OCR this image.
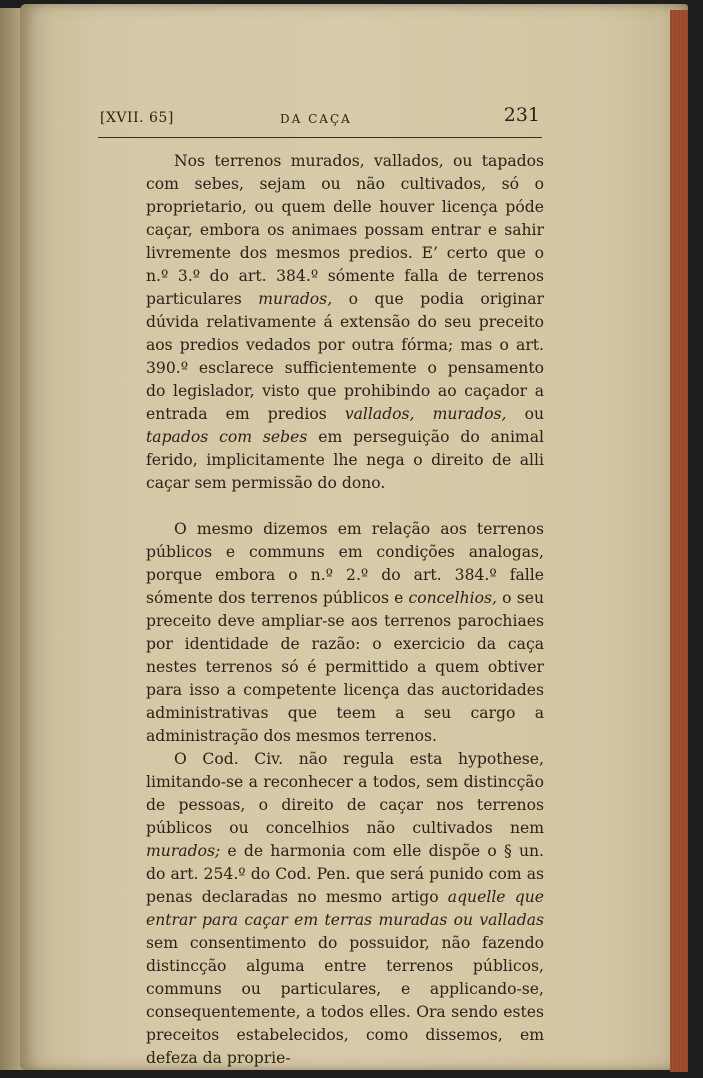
[XVII. 65]	DA CAÇA	231

Nos terrenos murados, vallados, ou tapados com sebes, sejam ou não cultivados, só o proprietario, ou quem delle houver licença póde caçar, embora os animaes possam entrar e sahir livremente dos mesmos predios. E’ certo que o n.º 3.º do art. 384.º sómente falla de terrenos particulares murados, o que podia originar dúvida relativamente á extensão do seu preceito aos predios vedados por outra fórma; mas o art. 390.º esclarece sufficientemente o pensamento do legislador, visto que prohibindo ao caçador a entrada em predios vallados, murados, ou tapados com sebes em perseguição do animal ferido, implicitamente lhe nega o direito de alli caçar sem permissão do dono.

O mesmo dizemos em relação aos terrenos públicos e communs em condições analogas, porque embora o n.º 2.º do art. 384.º falle sómente dos terrenos públicos e concelhios, o seu preceito deve ampliar-se aos terrenos parochiaes por identidade de razão: o exercicio da caça nestes terrenos só é permittido a quem obtiver para isso a competente licença das auctoridades administrativas que teem a seu cargo a administração dos mesmos terrenos.

O Cod. Civ. não regula esta hypothese, limitando-se a reconhecer a todos, sem distincção de pessoas, o direito de caçar nos terrenos públicos ou concelhios não cultivados nem murados; e de harmonia com elle dispõe o § un. do art. 254.º do Cod. Pen. que será punido com as penas declaradas no mesmo artigo aquelle que entrar para caçar em terras muradas ou valladas sem consentimento do possuidor, não fazendo distincção alguma entre terrenos públicos, communs ou particulares, e applicando-se, consequentemente, a todos elles. Ora sendo estes preceitos estabelecidos, como dissemos, em defeza da proprie-
